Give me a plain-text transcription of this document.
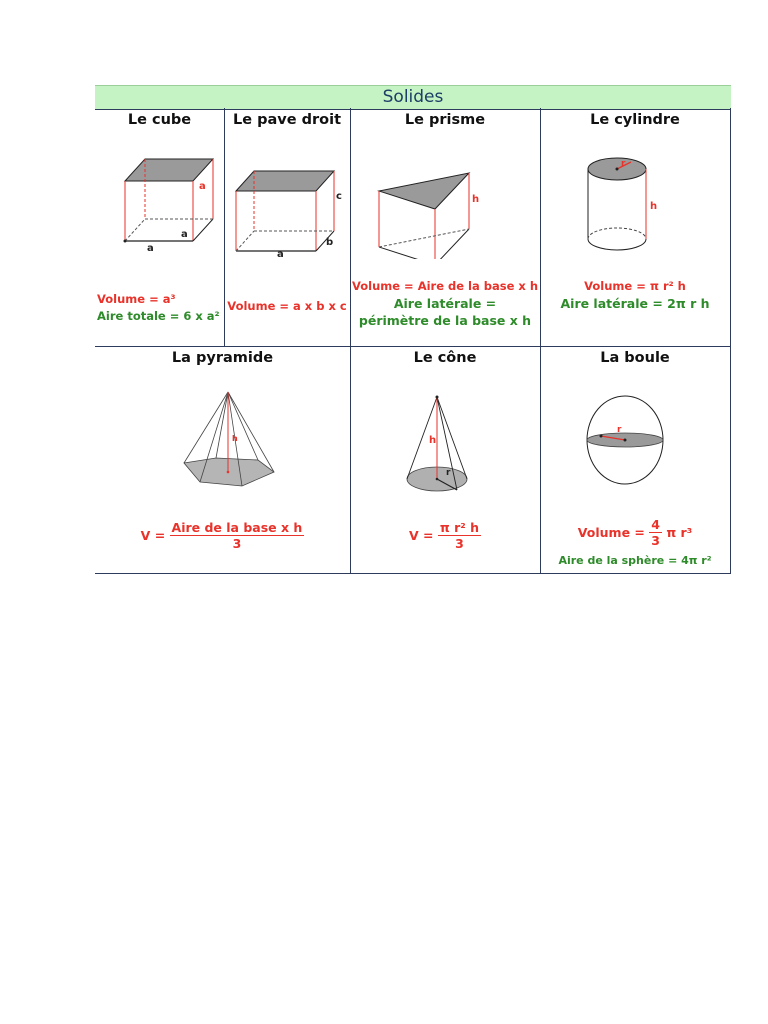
Solides
Le cube
a
a
a
Volume = a³
Aire totale = 6 x a²
Le pave droit
c
a
b
Volume = a x b x c
Le prisme
h
Volume = Aire de la base x h
Aire latérale =
périmètre de la base x h
Le cylindre
r
h
Volume = π r² h
Aire latérale = 2π r h
La pyramide
h
$V = \frac{\text{Aire de la base x h}}{3}$
Le cône
h
r
$V = \frac{\text{π r² h}}{3}$
La boule
r
Volume = $\frac{4}{3}$ π r³
Aire de la sphère = 4π r²
